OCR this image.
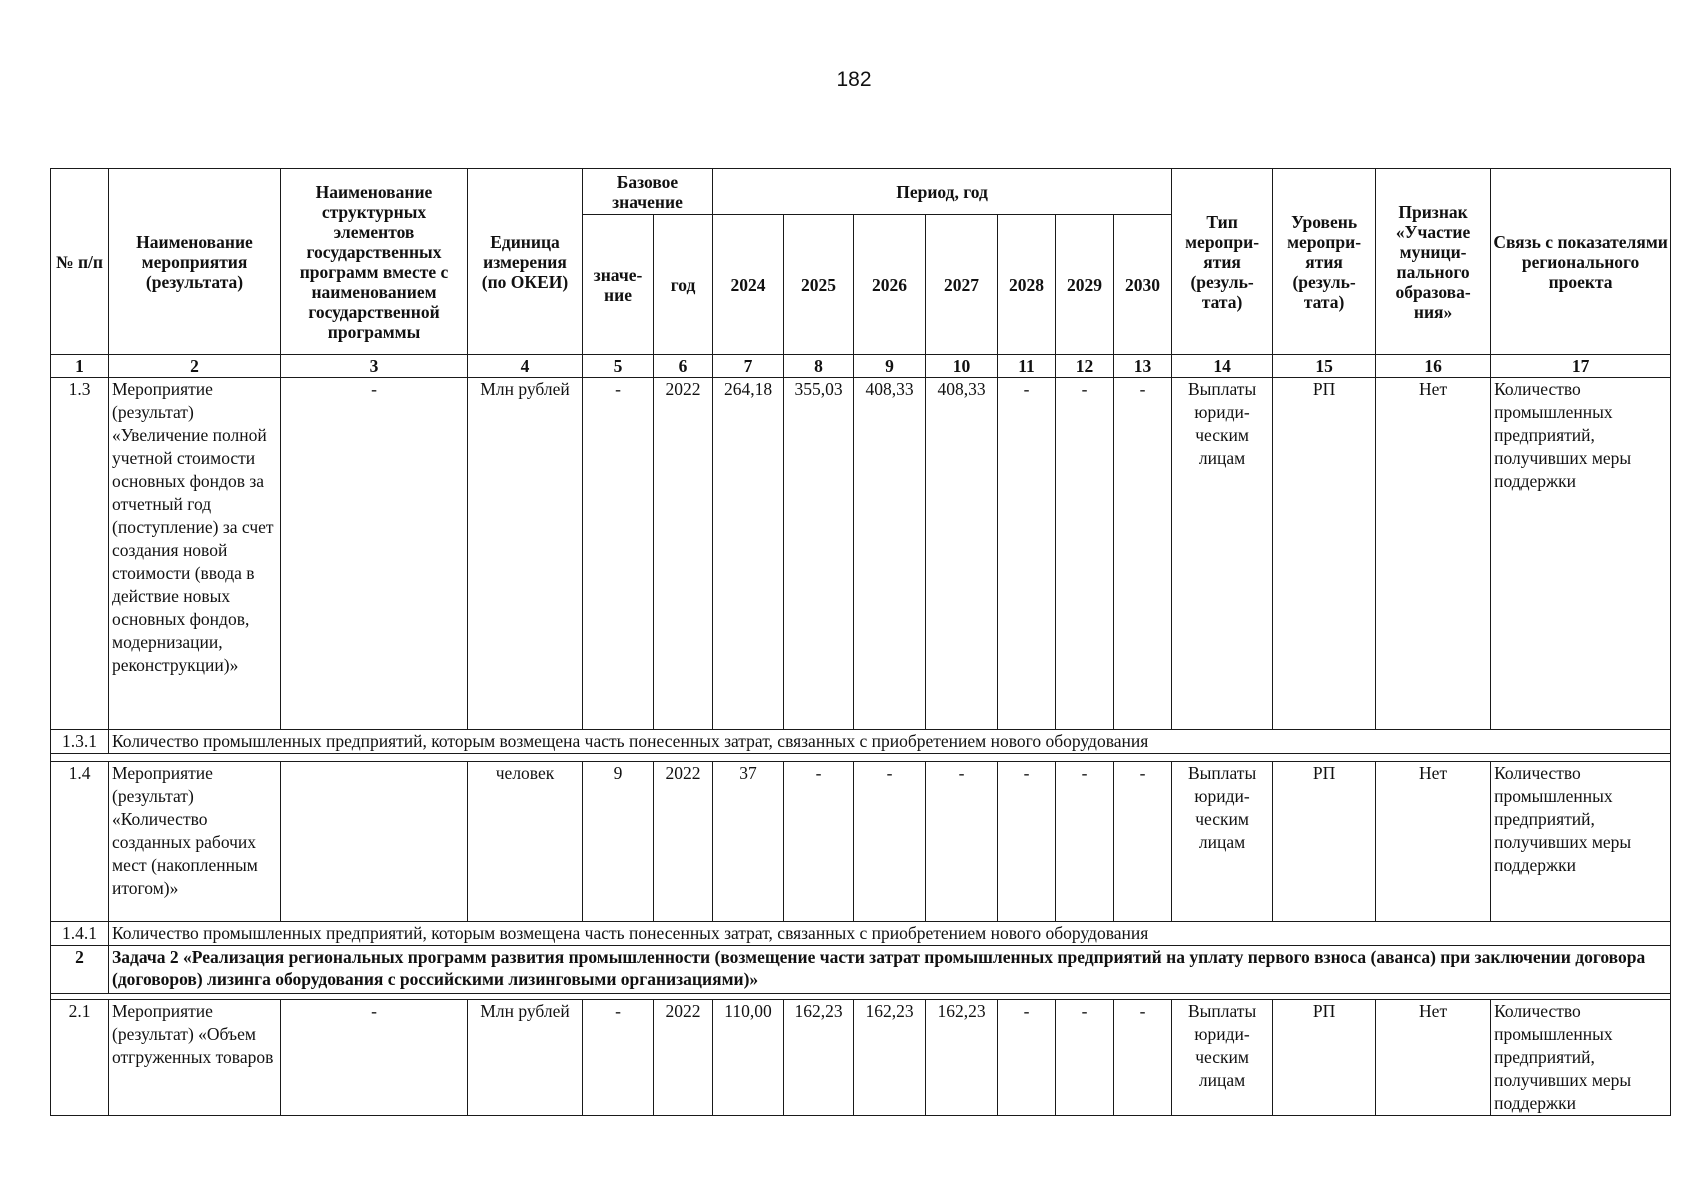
182
№ п/п	Наименование мероприятия (результата)	Наименование структурных элементов государственных программ вместе с наименованием государственной программы	Единица измерения (по ОКЕИ)	Базовое значение		Период, год							Тип меропри-ятия (резуль-тата)	Уровень меропри-ятия (резуль-тата)	Признак «Участие муници-пального образова-ния»	Связь с показателями регионального проекта
				значе-ние	год	2024	2025	2026	2027	2028	2029	2030				
1	2	3	4	5	6	7	8	9	10	11	12	13	14	15	16	17
1.3	Мероприятие (результат) «Увеличение полной учетной стоимости основных фондов за отчетный год (поступление) за счет создания новой стоимости (ввода в действие новых основных фондов, модернизации, реконструкции)»	-	Млн рублей	-	2022	264,18	355,03	408,33	408,33	-	-	-	Выплаты юриди-ческим лицам	РП	Нет	Количество промышленных предприятий, получивших меры поддержки
1.3.1	Количество промышленных предприятий, которым возмещена часть понесенных затрат, связанных с приобретением нового оборудования															

1.4	Мероприятие (результат) «Количество созданных рабочих мест (накопленным итогом)»		человек	9	2022	37	-	-	-	-	-	-	Выплаты юриди-ческим лицам	РП	Нет	Количество промышленных предприятий, получивших меры поддержки
1.4.1	Количество промышленных предприятий, которым возмещена часть понесенных затрат, связанных с приобретением нового оборудования															
2	Задача 2 «Реализация региональных программ развития промышленности (возмещение части затрат промышленных предприятий на уплату первого взноса (аванса) при заключении договора (договоров) лизинга оборудования с российскими лизинговыми организациями)»															

2.1	Мероприятие (результат) «Объем отгруженных товаров	-	Млн рублей	-	2022	110,00	162,23	162,23	162,23	-	-	-	Выплаты юриди-ческим лицам	РП	Нет	Количество промышленных предприятий, получивших меры поддержки
